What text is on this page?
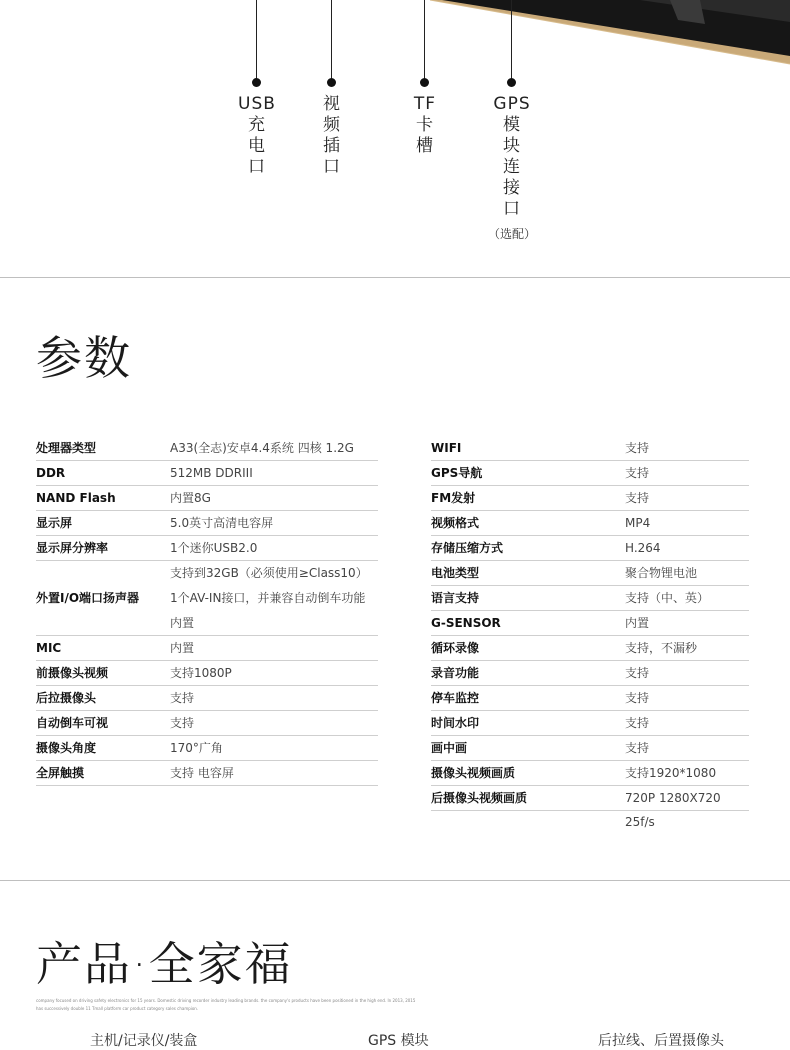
USB
充
电
口
视
频
插
口
TF
卡
槽
GPS
模
块
连
接
口
（选配）
参数
处理器类型	A33(全志)安卓4.4系统 四核 1.2G
DDR	512MB DDRIII
NAND Flash	内置8G
显示屏	5.0英寸高清电容屏
显示屏分辨率	1个迷你USB2.0
外置I/O端口扬声器
支持到32GB（必须使用≥Class10）
1个AV-IN接口，并兼容自动倒车功能
内置
MIC	内置
前摄像头视频	支持1080P
后拉摄像头	支持
自动倒车可视	支持
摄像头角度	170°广角
全屏触摸	支持 电容屏
WIFI	支持
GPS导航	支持
FM发射	支持
视频格式	MP4
存储压缩方式	H.264
电池类型	聚合物锂电池
语言支持	支持（中、英）
G-SENSOR	内置
循环录像	支持，不漏秒
录音功能	支持
停车监控	支持
时间水印	支持
画中画	支持
摄像头视频画质	支持1920*1080
后摄像头视频画质	720P 1280X720 25f/s
产品·全家福
company focused on driving safety electronics for 15 years. Domestic driving recorder industry leading brands. the company's products have been positioned in the high end. In 2013, 2015 has successively double 11 Tmall platform car product category sales champion.
主机/记录仪/装盒	GPS 模块	后拉线、后置摄像头
